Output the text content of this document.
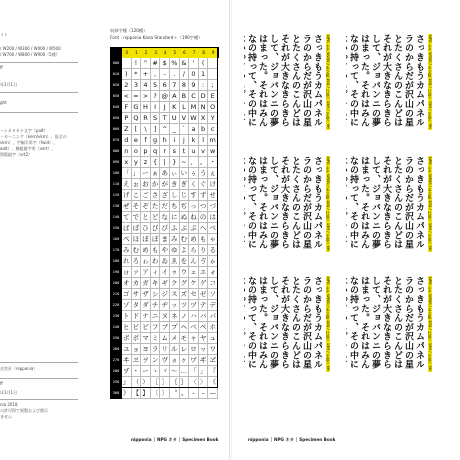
イト
/ W200 / W300 / W400 / W500
/ W700 / W800 / W900（5種）
ff
年1月1日
ght
ーシカタカナ文字（palt）
・カーニング（kern/vkrn）、仮名の
vkrn）、字幅半角字（fwid）、
aalt）、横組縦字形（vert）、
図版組字（vrt2）
式会社（nipponia）
ff
年1月1日
nia 2018
の許可得て展覧および開示
ません
収録字種（120種）
Font : nipponia Kana Standard＋（190字種）
0	1	2	3	4	5	6	7	8	9
000	!	" # $ % & '	(
010 )	* + ,	-	.	/ 0 1
020 2 3 4 5 6 7 8 9 :	;
030 < = > ? @ A B C D E
040 F G H I	J	K L M N O
050 P Q R S T U V W X Y
060 Z [	\	] ^ _ ` a b c
070 d e f g h	i	j	k	l m
080 n o p q r	s	t u v w
090 x y z { | } ~ 、 。 ・
100 「 」 ー ぁ あ ぃ い ぅ う ぇ
110 え ぉ お か が き ぎ く ぐ け
120 げ こ ご さ ざ し じ す ず せ
130 ぜ そ ぞ た だ ち ぢ っ つ づ
140 て で と ど な に ぬ ね の は
150 ば ぱ ひ び ぴ ふ ぶ ぷ へ べ
160 ぺ ほ ぼ ぽ ま み む め も ゃ
170 み む め も や ゆ よ ら り る
180 れ ろ ゎ わ ゐ ゑ を ん ゔ ゕ
190 ゖ ァ ア ィ イ ゥ ウ ェ エ ォ
200 オ カ ガ キ ギ ク グ ケ ゲ コ
210 ゴ サ ザ シ ジ ス ズ セ ゼ ソ
220 ゾ タ ダ チ ヂ ッ ツ ヅ テ デ
230 ト ド ナ ニ ヌ ネ ノ ハ バ パ
240 ヒ ビ ピ フ ブ プ ヘ ベ ペ ホ
250 ボ ポ マ ミ ム メ モ ャ ヤ ュ
260 ユ ョ ヨ ラ リ ル レ ロ ヮ ワ
270 ヰ ヱ ヲ ン ヴ ヵ ヶ ヷ ヸ ヹ
280 ヺ ・ ー ヽ ヾ 〜 … 「 」 『
290 』 （ ） ［ ］ ｛ ｝ 〈 〉 《
300 》 【 】 〔 〕 〝 〟 ‐	– —
nipponia │ NPG ネタ │ Specimen Book
NPG ネタ W200 / 本文組 10Q / 行送り 15H / 字送り 9H
さっきもうカムパネルラのからだが沢山の星とたくさんのこんどはそれが大きなきらきらして、ジョバンニの夢はまった。それはみんなの持って、その中に
NPG ネタ W500 / 本文組 10Q / 行送り 15H / 字送り 9H
さっきもうカムパネルラのからだが沢山の星とたくさんのこんどはそれが大きなきらきらして、ジョバンニの夢はまった。それはみんなの持って、その中に
NPG ネタ W800 / 本文組 10Q / 行送り 15H / 字送り 9H
さっきもうカムパネルラのからだが沢山の星とたくさんのこんどはそれが大きなきらきらして、ジョバンニの夢はまった。それはみんなの持って、その中に
NPG ネタ W300 / 本文組 10Q / 行送り 15H / 字送り 9H
さっきもうカムパネルラのからだが沢山の星とたくさんのこんどはそれが大きなきらきらして、ジョバンニの夢はまった。それはみんなの持って、その中に
NPG ネタ W600 / 本文組 10Q / 行送り 15H / 字送り 9H
さっきもうカムパネルラのからだが沢山の星とたくさんのこんどはそれが大きなきらきらして、ジョバンニの夢はまった。それはみんなの持って、その中に
NPG ネタ W900 / 本文組 10Q / 行送り 15H / 字送り 9H
さっきもうカムパネルラのからだが沢山の星とたくさんのこんどはそれが大きなきらきらして、ジョバンニの夢はまった。それはみんなの持って、その中に
nipponia │ NPG ネタ │ Specimen Book
